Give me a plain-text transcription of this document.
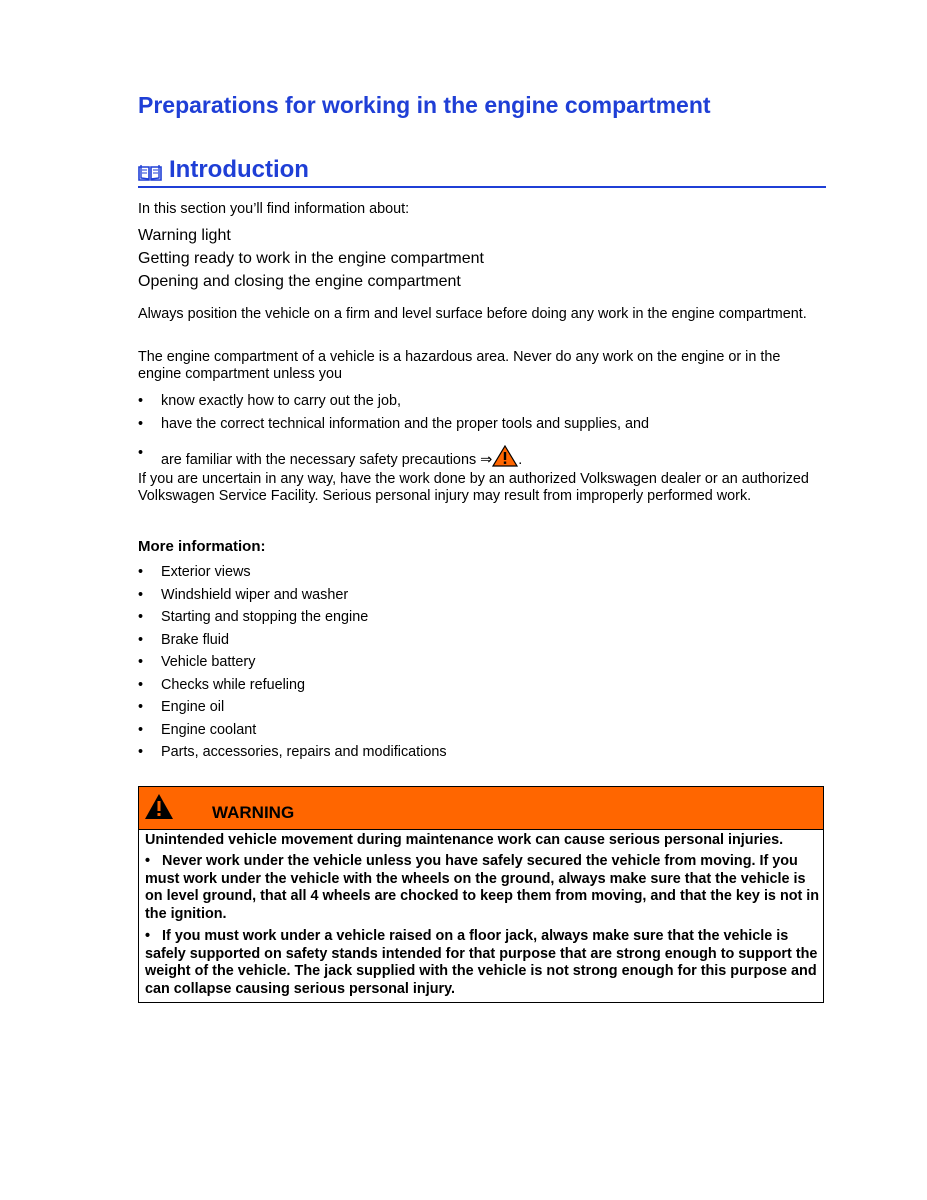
Preparations for working in the engine compartment
Introduction
In this section you’ll find information about:
Warning light
Getting ready to work in the engine compartment
Opening and closing the engine compartment
Always position the vehicle on a firm and level surface before doing any work in the engine compartment.
The engine compartment of a vehicle is a hazardous area. Never do any work on the engine or in the engine compartment unless you
•	know exactly how to carry out the job,
•	have the correct technical information and the proper tools and supplies, and
•	are familiar with the necessary safety precautions ⇒ .
If you are uncertain in any way, have the work done by an authorized Volkswagen dealer or an authorized Volkswagen Service Facility. Serious personal injury may result from improperly performed work.
More information:
•	Exterior views
•	Windshield wiper and washer
•	Starting and stopping the engine
•	Brake fluid
•	Vehicle battery
•	Checks while refueling
•	Engine oil
•	Engine coolant
•	Parts, accessories, repairs and modifications
WARNING
Unintended vehicle movement during maintenance work can cause serious personal injuries.
• Never work under the vehicle unless you have safely secured the vehicle from moving. If you must work under the vehicle with the wheels on the ground, always make sure that the vehicle is on level ground, that all 4 wheels are chocked to keep them from moving, and that the key is not in the ignition.
• If you must work under a vehicle raised on a floor jack, always make sure that the vehicle is safely supported on safety stands intended for that purpose that are strong enough to support the weight of the vehicle. The jack supplied with the vehicle is not strong enough for this purpose and can collapse causing serious personal injury.
